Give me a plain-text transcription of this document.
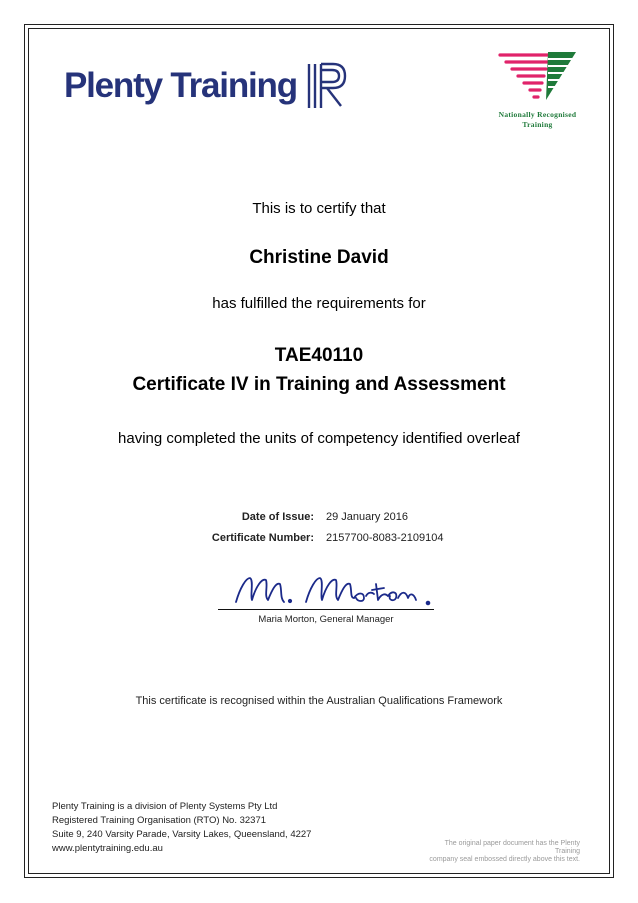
Plenty Training
Nationally Recognised
Training
This is to certify that
Christine David
has fulfilled the requirements for
TAE40110
Certificate IV in Training and Assessment
having completed the units of competency identified overleaf
Date of Issue:	29 January 2016
Certificate Number:	2157700-8083-2109104
Maria Morton, General Manager
This certificate is recognised within the Australian Qualifications Framework
Plenty Training is a division of Plenty Systems Pty Ltd
Registered Training Organisation (RTO) No. 32371
Suite 9, 240 Varsity Parade, Varsity Lakes, Queensland, 4227
www.plentytraining.edu.au	The original paper document has the Plenty Training
company seal embossed directly above this text.
